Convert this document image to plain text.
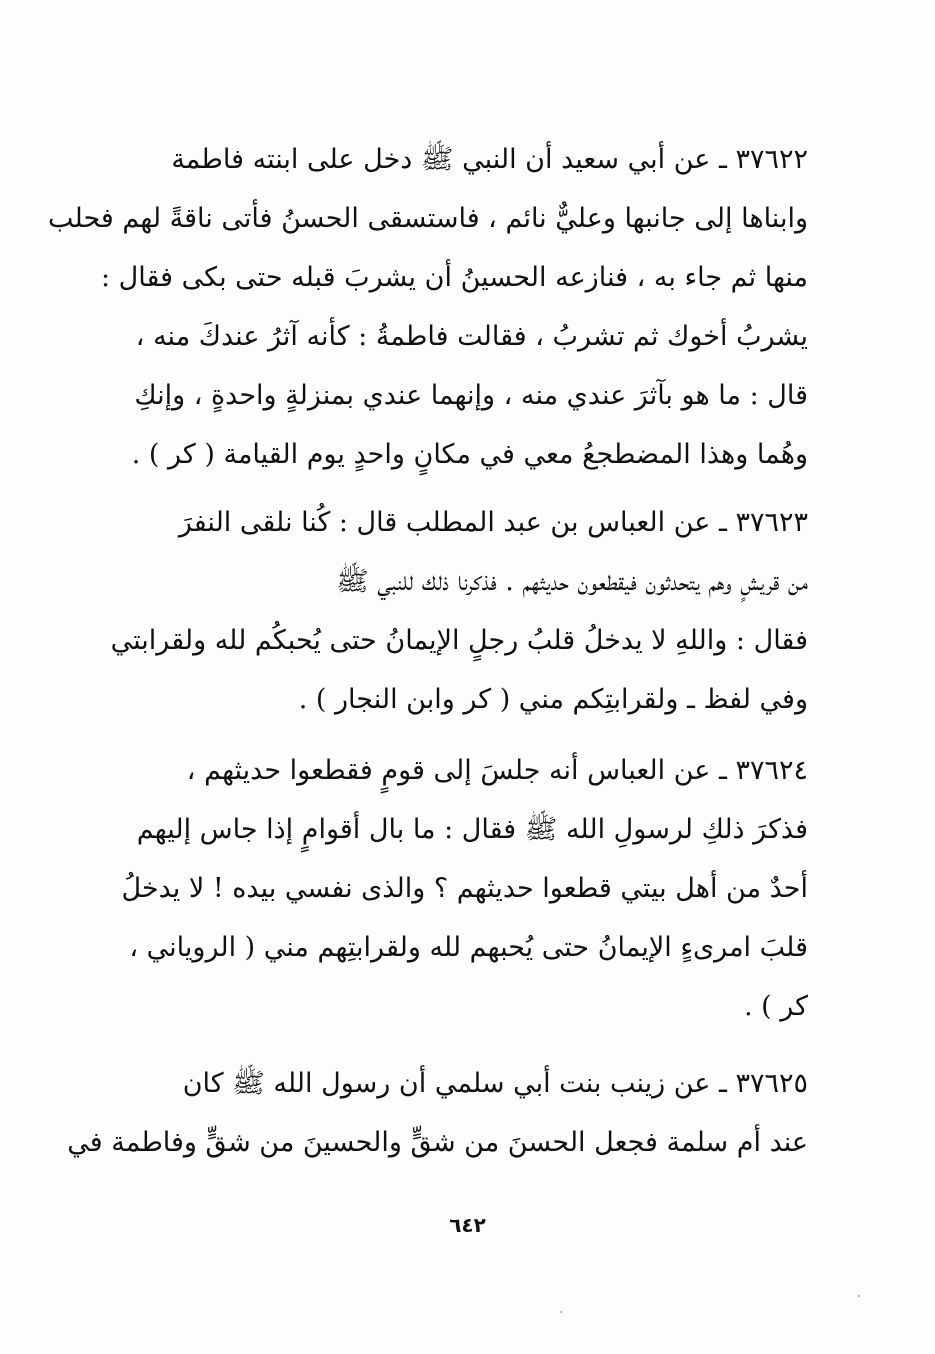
٣٧٦٢٢ ـ عن أبي سعيد أن النبي ﷺ دخل على ابنته فاطمة
وابناها إلى جانبها وعليٌّ نائم ، فاستسقى الحسنُ فأتى ناقةً لهم فحلب
منها ثم جاء به ، فنازعه الحسينُ أن يشربَ قبله حتى بكى فقال :
يشربُ أخوك ثم تشربُ ، فقالت فاطمةُ : كأنه آثرُ عندكَ منه ،
قال : ما هو بآثرَ عندي منه ، وإنهما عندي بمنزلةٍ واحدةٍ ، وإنكِ
وهُما وهذا المضطجعُ معي في مكانٍ واحدٍ يوم القيامة ( كر ) .

٣٧٦٢٣ ـ عن العباس بن عبد المطلب قال : كُنا نلقى النفرَ
من قريشٍ وهم يتحدثون فيقطعون حديثهم . فذكرنا ذلك للنبي ﷺ
فقال : واللهِ لا يدخلُ قلبُ رجلٍ الإيمانُ حتى يُحبكُم لله ولقرابتي
وفي لفظ ـ ولقرابتِكم مني ( كر وابن النجار ) .

٣٧٦٢٤ ـ عن العباس أنه جلسَ إلى قومٍ فقطعوا حديثهم ،
فذكرَ ذلكِ لرسولِ الله ﷺ فقال : ما بال أقوامٍ إذا جاس إليهم
أحدٌ من أهل بيتي قطعوا حديثهم ؟ والذى نفسي بيده ! لا يدخلُ
قلبَ امرىءٍ الإيمانُ حتى يُحبهم لله ولقرابتِهم مني ( الروياني ،
كر ) .

٣٧٦٢٥ ـ عن زينب بنت أبي سلمي أن رسول الله ﷺ كان
عند أم سلمة فجعل الحسنَ من شقٍّ والحسينَ من شقٍّ وفاطمة في

٦٤٢
